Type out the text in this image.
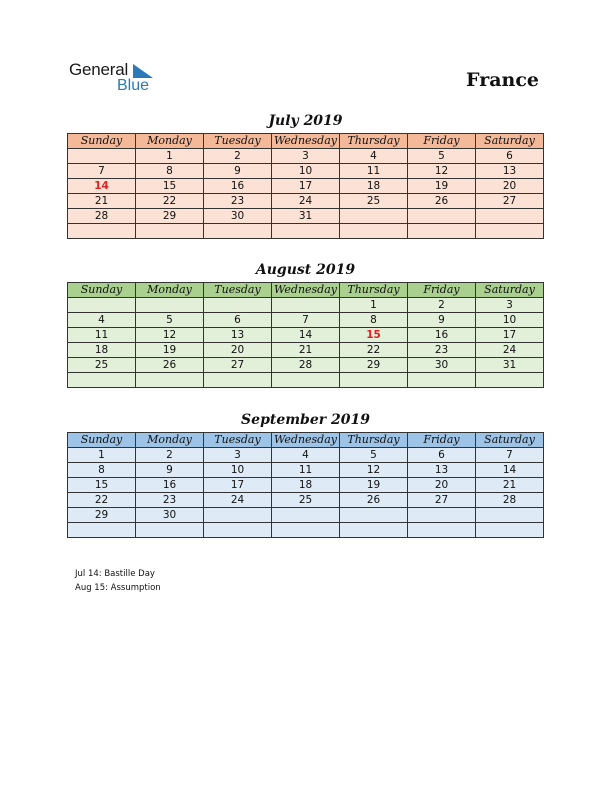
General
Blue	France
July 2019
Sunday	Monday	Tuesday	Wednesday	Thursday	Friday	Saturday
	1	2	3	4	5	6
7	8	9	10	11	12	13
14	15	16	17	18	19	20
21	22	23	24	25	26	27
28	29	30	31			

August 2019
Sunday	Monday	Tuesday	Wednesday	Thursday	Friday	Saturday
				1	2	3
4	5	6	7	8	9	10
11	12	13	14	15	16	17
18	19	20	21	22	23	24
25	26	27	28	29	30	31

September 2019
Sunday	Monday	Tuesday	Wednesday	Thursday	Friday	Saturday
1	2	3	4	5	6	7
8	9	10	11	12	13	14
15	16	17	18	19	20	21
22	23	24	25	26	27	28
29	30					

Jul 14: Bastille Day
Aug 15: Assumption
